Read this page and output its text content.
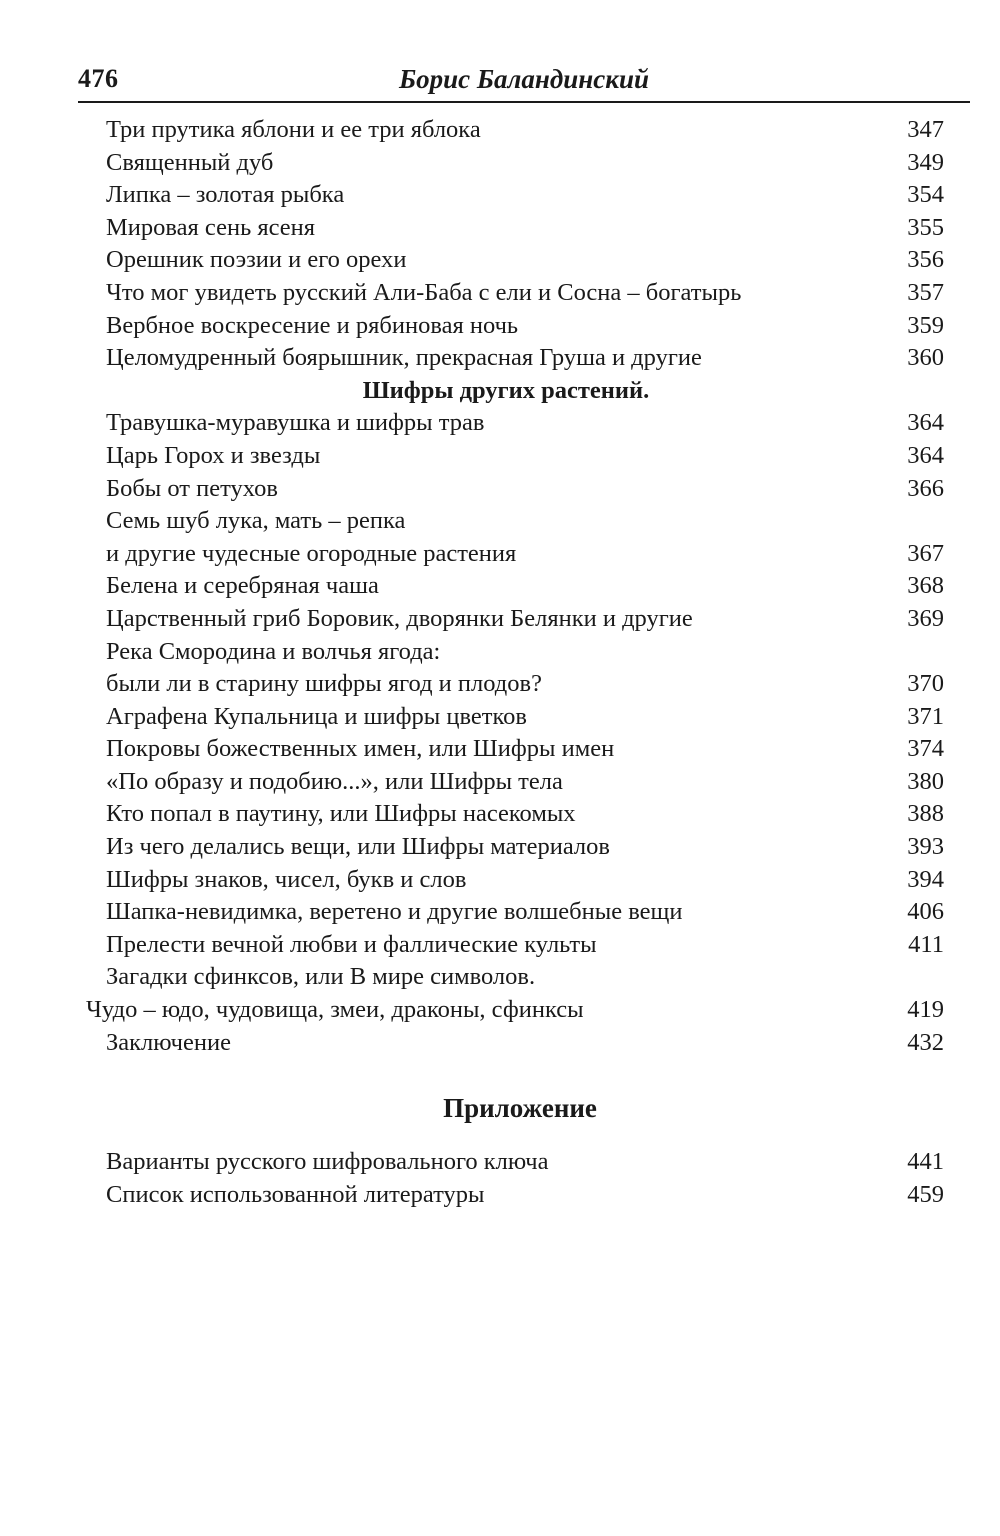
476	Борис Баландинский
Три прутика яблони и ее три яблока . . .	347
Священный дуб . . .	349
Липка – золотая рыбка . . .	354
Мировая сень ясеня . . .	355
Орешник поэзии и его орехи . . .	356
Что мог увидеть русский Али-Баба с ели и Сосна – богатырь . . .	357
Вербное воскресение и рябиновая ночь . . .	359
Целомудренный боярышник, прекрасная Груша и другие . . .	360
Шифры других растений.
Травушка-муравушка и шифры трав . . .	364
Царь Горох и звезды . . .	364
Бобы от петухов . . .	366
Семь шуб лука, мать – репка
и другие чудесные огородные растения . . .	367
Белена и серебряная чаша . . .	368
Царственный гриб Боровик, дворянки Белянки и другие . . .	369
Река Смородина и волчья ягода:
были ли в старину шифры ягод и плодов? . . .	370
Аграфена Купальница и шифры цветков . . .	371
Покровы божественных имен, или Шифры имен . . .	374
«По образу и подобию...», или Шифры тела . . .	380
Кто попал в паутину, или Шифры насекомых . . .	388
Из чего делались вещи, или Шифры материалов . . .	393
Шифры знаков, чисел, букв и слов . . .	394
Шапка-невидимка, веретено и другие волшебные вещи . . .	406
Прелести вечной любви и фаллические культы . . .	411
Загадки сфинксов, или В мире символов.
Чудо – юдо, чудовища, змеи, драконы, сфинксы . . .	419
Заключение . . .	432
Приложение
Варианты русского шифровального ключа . . .	441
Список использованной литературы . . .	459
